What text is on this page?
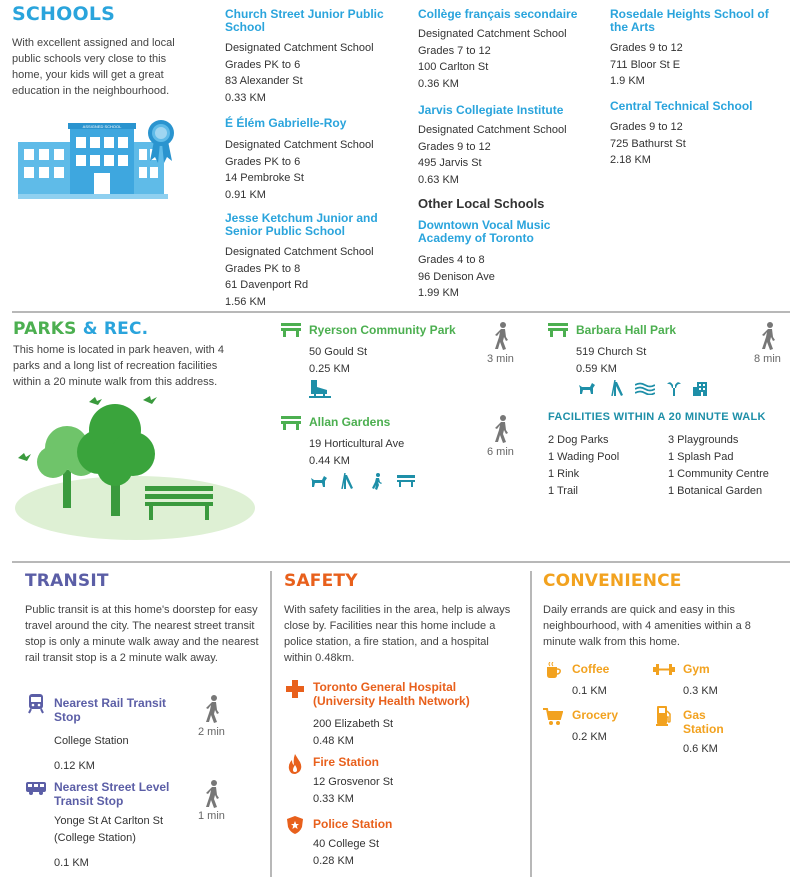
SCHOOLS
With excellent assigned and local public schools very close to this home, your kids will get a great education in the neighbourhood.
ASSIGNED SCHOOL
Church Street Junior Public School
Designated Catchment School
Grades PK to 6
83 Alexander St
0.33 KM
É Élém Gabrielle-Roy
Designated Catchment School
Grades PK to 6
14 Pembroke St
0.91 KM
Jesse Ketchum Junior and Senior Public School
Designated Catchment School
Grades PK to 8
61 Davenport Rd
1.56 KM
Collège français secondaire
Designated Catchment School
Grades 7 to 12
100 Carlton St
0.36 KM
Jarvis Collegiate Institute
Designated Catchment School
Grades 9 to 12
495 Jarvis St
0.63 KM
Other Local Schools
Downtown Vocal Music Academy of Toronto
Grades 4 to 8
96 Denison Ave
1.99 KM
Rosedale Heights School of the Arts
Grades 9 to 12
711 Bloor St E
1.9 KM
Central Technical School
Grades 9 to 12
725 Bathurst St
2.18 KM
PARKS & REC.
This home is located in park heaven, with 4 parks and a long list of recreation facilities within a 20 minute walk from this address.
Ryerson Community Park
50 Gould St
0.25 KM
3 min
Allan Gardens
19 Horticultural Ave
0.44 KM
6 min
Barbara Hall Park
519 Church St
0.59 KM
8 min
FACILITIES WITHIN A 20 MINUTE WALK
2 Dog Parks
1 Wading Pool
1 Rink
1 Trail
3 Playgrounds
1 Splash Pad
1 Community Centre
1 Botanical Garden
TRANSIT
Public transit is at this home's doorstep for easy travel around the city. The nearest street transit stop is only a minute walk away and the nearest rail transit stop is a 2 minute walk away.
Nearest Rail Transit Stop
College Station
0.12 KM
2 min
Nearest Street Level Transit Stop
Yonge St At Carlton St (College Station)
0.1 KM
1 min
SAFETY
With safety facilities in the area, help is always close by. Facilities near this home include a police station, a fire station, and a hospital within 0.48km.
Toronto General Hospital (University Health Network)
200 Elizabeth St
0.48 KM
Fire Station
12 Grosvenor St
0.33 KM
Police Station
40 College St
0.28 KM
CONVENIENCE
Daily errands are quick and easy in this neighbourhood, with 4 amenities within a 8 minute walk from this home.
Coffee
0.1 KM
Gym
0.3 KM
Grocery
0.2 KM
Gas Station
0.6 KM
